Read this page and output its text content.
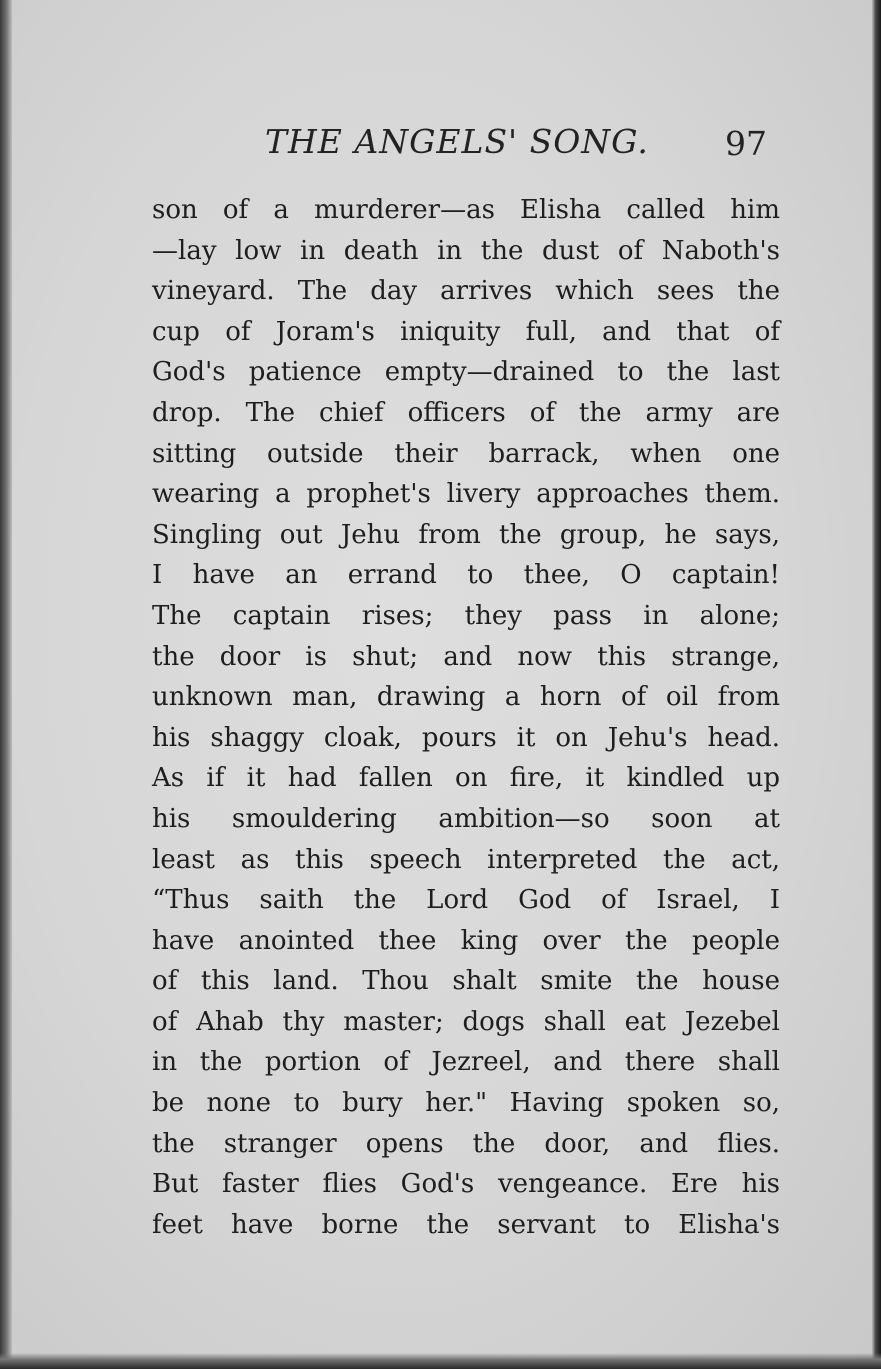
THE ANGELS' SONG. 97
son of a murderer—as Elisha called him
—lay low in death in the dust of Naboth's
vineyard. The day arrives which sees the
cup of Joram's iniquity full, and that of
God's patience empty—drained to the last
drop. The chief officers of the army are
sitting outside their barrack, when one
wearing a prophet's livery approaches them.
Singling out Jehu from the group, he says,
I have an errand to thee, O captain!
The captain rises; they pass in alone;
the door is shut; and now this strange,
unknown man, drawing a horn of oil from
his shaggy cloak, pours it on Jehu's head.
As if it had fallen on fire, it kindled up
his smouldering ambition—so soon at
least as this speech interpreted the act,
“Thus saith the Lord God of Israel, I
have anointed thee king over the people
of this land. Thou shalt smite the house
of Ahab thy master; dogs shall eat Jezebel
in the portion of Jezreel, and there shall
be none to bury her." Having spoken so,
the stranger opens the door, and flies.
But faster flies God's vengeance. Ere his
feet have borne the servant to Elisha's
